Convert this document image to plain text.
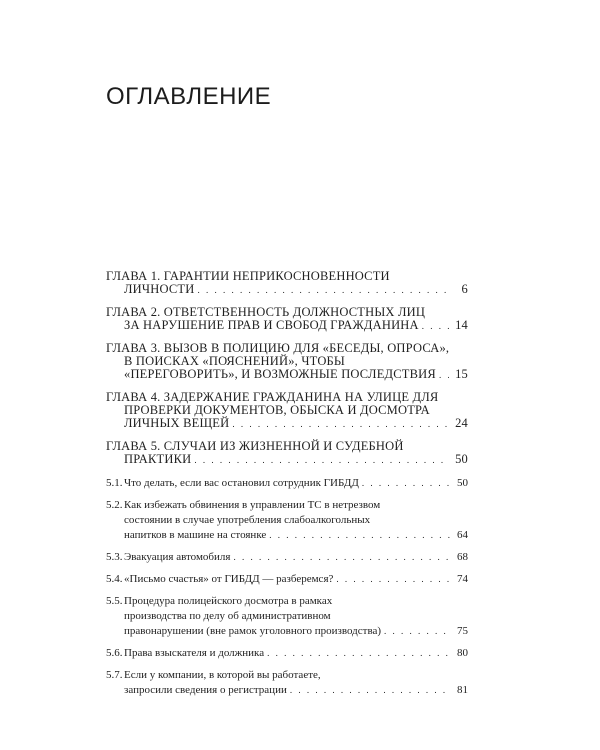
ОГЛАВЛЕНИЕ
ГЛАВА 1. ГАРАНТИИ НЕПРИКОСНОВЕННОСТИ
ЛИЧНОСТИ . . .	6
ГЛАВА 2. ОТВЕТСТВЕННОСТЬ ДОЛЖНОСТНЫХ ЛИЦ
ЗА НАРУШЕНИЕ ПРАВ И СВОБОД ГРАЖДАНИНА . . .	14
ГЛАВА 3. ВЫЗОВ В ПОЛИЦИЮ ДЛЯ «БЕСЕДЫ, ОПРОСА»,
В ПОИСКАХ «ПОЯСНЕНИЙ», ЧТОБЫ
«ПЕРЕГОВОРИТЬ», И ВОЗМОЖНЫЕ ПОСЛЕДСТВИЯ . . . 15
ГЛАВА 4. ЗАДЕРЖАНИЕ ГРАЖДАНИНА НА УЛИЦЕ ДЛЯ
ПРОВЕРКИ ДОКУМЕНТОВ, ОБЫСКА И ДОСМОТРА
ЛИЧНЫХ ВЕЩЕЙ . . .	24
ГЛАВА 5. СЛУЧАИ ИЗ ЖИЗНЕННОЙ И СУДЕБНОЙ
ПРАКТИКИ . . .	50
5.1. Что делать, если вас остановил сотрудник ГИБДД . . .	50
5.2. Как избежать обвинения в управлении ТС в нетрезвом
состоянии в случае употребления слабоалкогольных
напитков в машине на стоянке . . .	64
5.3. Эвакуация автомобиля . . .	68
5.4. «Письмо счастья» от ГИБДД — разберемся? . . .	74
5.5. Процедура полицейского досмотра в рамках
производства по делу об административном
правонарушении (вне рамок уголовного производства) . . .	75
5.6. Права взыскателя и должника . . .	80
5.7. Если у компании, в которой вы работаете,
запросили сведения о регистрации . . .	81
